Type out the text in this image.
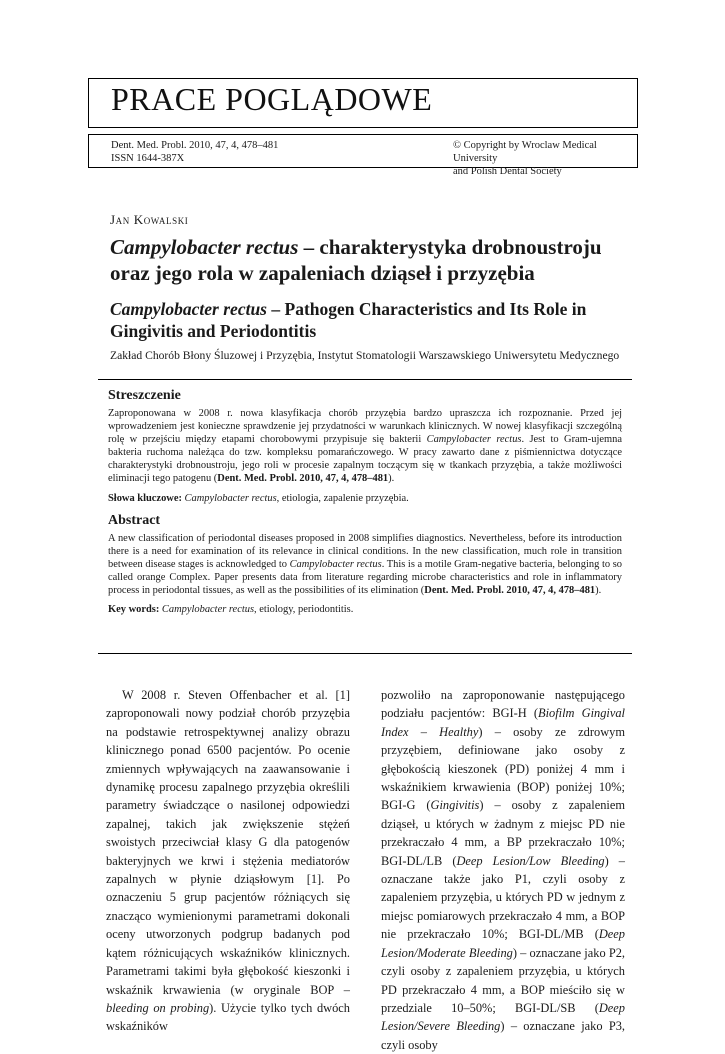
PRACE POGLĄDOWE
Dent. Med. Probl. 2010, 47, 4, 478–481
ISSN 1644-387X
© Copyright by Wroclaw Medical University
and Polish Dental Society
Jan Kowalski
Campylobacter rectus – charakterystyka drobnoustroju oraz jego rola w zapaleniach dziąseł i przyzębia
Campylobacter rectus – Pathogen Characteristics and Its Role in Gingivitis and Periodontitis
Zakład Chorób Błony Śluzowej i Przyzębia, Instytut Stomatologii Warszawskiego Uniwersytetu Medycznego
Streszczenie

Zaproponowana w 2008 r. nowa klasyfikacja chorób przyzębia bardzo upraszcza ich rozpoznanie. Przed jej wprowadzeniem jest konieczne sprawdzenie jej przydatności w warunkach klinicznych. W nowej klasyfikacji szczególną rolę w przejściu między etapami chorobowymi przypisuje się bakterii Campylobacter rectus. Jest to Gram-ujemna bakteria ruchoma należąca do tzw. kompleksu pomarańczowego. W pracy zawarto dane z piśmiennictwa dotyczące charakterystyki drobnoustroju, jego roli w procesie zapalnym toczącym się w tkankach przyzębia, a także możliwości eliminacji tego patogenu (Dent. Med. Probl. 2010, 47, 4, 478–481).

Słowa kluczowe: Campylobacter rectus, etiologia, zapalenie przyzębia.

Abstract

A new classification of periodontal diseases proposed in 2008 simplifies diagnostics. Nevertheless, before its introduction there is a need for examination of its relevance in clinical conditions. In the new classification, much role in transition between disease stages is acknowledged to Campylobacter rectus. This is a motile Gram-negative bacteria, belonging to so called orange Complex. Paper presents data from literature regarding microbe characteristics and role in inflammatory process in periodontal tissues, as well as the possibilities of its elimination (Dent. Med. Probl. 2010, 47, 4, 478–481).

Key words: Campylobacter rectus, etiology, periodontitis.

W 2008 r. Steven Offenbacher et al. [1] zaproponowali nowy podział chorób przyzębia na podstawie retrospektywnej analizy obrazu klinicznego ponad 6500 pacjentów. Po ocenie zmiennych wpływających na zaawansowanie i dynamikę procesu zapalnego przyzębia określili parametry świadczące o nasilonej odpowiedzi zapalnej, takich jak zwiększenie stężeń swoistych przeciwciał klasy G dla patogenów bakteryjnych we krwi i stężenia mediatorów zapalnych w płynie dziąsłowym [1]. Po oznaczeniu 5 grup pacjentów różniących się znacząco wymienionymi parametrami dokonali oceny utworzonych podgrup badanych pod kątem różnicujących wskaźników klinicznych. Parametrami takimi była głębokość kieszonki i wskaźnik krwawienia (w oryginale BOP – bleeding on probing). Użycie tylko tych dwóch wskaźników

pozwoliło na zaproponowanie następującego podziału pacjentów: BGI-H (Biofilm Gingival Index – Healthy) – osoby ze zdrowym przyzębiem, definiowane jako osoby z głębokością kieszonek (PD) poniżej 4 mm i wskaźnikiem krwawienia (BOP) poniżej 10%; BGI-G (Gingivitis) – osoby z zapaleniem dziąseł, u których w żadnym z miejsc PD nie przekraczało 4 mm, a BP przekraczało 10%; BGI-DL/LB (Deep Lesion/Low Bleeding) – oznaczane także jako P1, czyli osoby z zapaleniem przyzębia, u których PD w jednym z miejsc pomiarowych przekraczało 4 mm, a BOP nie przekraczało 10%; BGI-DL/MB (Deep Lesion/Moderate Bleeding) – oznaczane jako P2, czyli osoby z zapaleniem przyzębia, u których PD przekraczało 4 mm, a BOP mieściło się w przedziale 10–50%; BGI-DL/SB (Deep Lesion/Severe Bleeding) – oznaczane jako P3, czyli osoby
